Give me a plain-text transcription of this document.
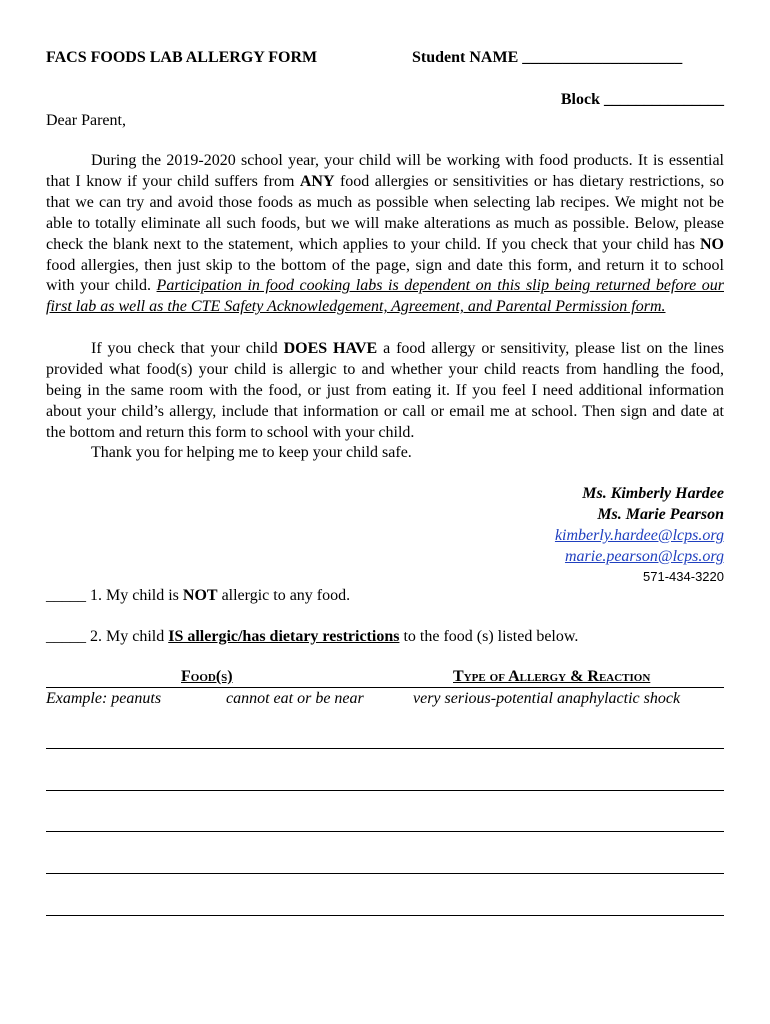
FACS FOODS LAB ALLERGY FORM	Student NAME ____________________
Block _______________
Dear Parent,

During the 2019-2020 school year, your child will be working with food products. It is essential that I know if your child suffers from ANY food allergies or sensitivities or has dietary restrictions, so that we can try and avoid those foods as much as possible when selecting lab recipes. We might not be able to totally eliminate all such foods, but we will make alterations as much as possible. Below, please check the blank next to the statement, which applies to your child. If you check that your child has NO food allergies, then just skip to the bottom of the page, sign and date this form, and return it to school with your child. Participation in food cooking labs is dependent on this slip being returned before our first lab as well as the CTE Safety Acknowledgement, Agreement, and Parental Permission form.

If you check that your child DOES HAVE a food allergy or sensitivity, please list on the lines provided what food(s) your child is allergic to and whether your child reacts from handling the food, being in the same room with the food, or just from eating it. If you feel I need additional information about your child’s allergy, include that information or call or email me at school. Then sign and date at the bottom and return this form to school with your child.

Thank you for helping me to keep your child safe.

Ms. Kimberly Hardee
Ms. Marie Pearson
kimberly.hardee@lcps.org
marie.pearson@lcps.org
571-434-3220
_____ 1. My child is NOT allergic to any food.
_____ 2. My child IS allergic/has dietary restrictions to the food (s) listed below.
Food(s)	Type of Allergy & Reaction
Example: peanuts	cannot eat or be near	very serious-potential anaphylactic shock
